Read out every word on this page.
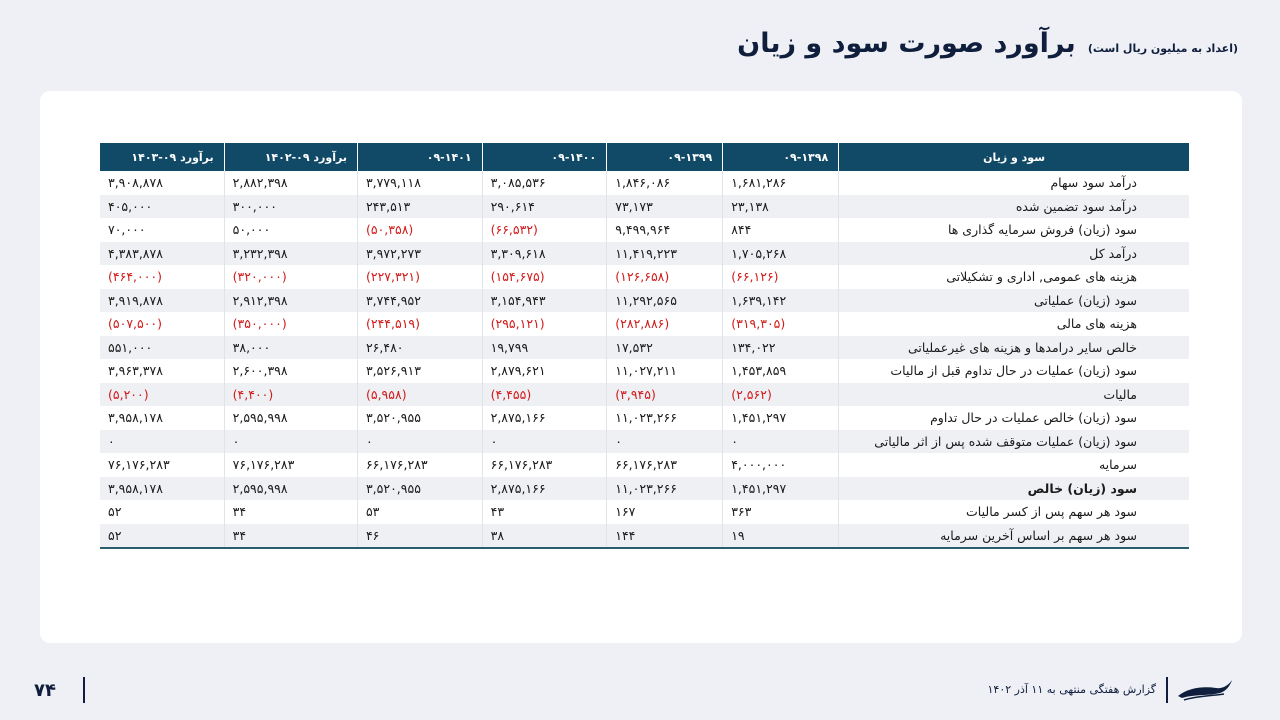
برآورد صورت سود و زیان (اعداد به میلیون ریال است)
سود و زیان	۰۹-۱۳۹۸	۰۹-۱۳۹۹	۰۹-۱۴۰۰	۰۹-۱۴۰۱	برآورد ۰۹-۱۴۰۲	برآورد ۰۹-۱۴۰۳
درآمد سود سهام	۱,۶۸۱,۲۸۶	۱,۸۴۶,۰۸۶	۳,۰۸۵,۵۳۶	۳,۷۷۹,۱۱۸	۲,۸۸۲,۳۹۸	۳,۹۰۸,۸۷۸
درآمد سود تضمین شده	۲۳,۱۳۸	۷۳,۱۷۳	۲۹۰,۶۱۴	۲۴۳,۵۱۳	۳۰۰,۰۰۰	۴۰۵,۰۰۰
سود (زیان) فروش سرمایه گذاری ها	۸۴۴	۹,۴۹۹,۹۶۴	(۶۶,۵۳۲)	(۵۰,۳۵۸)	۵۰,۰۰۰	۷۰,۰۰۰
درآمد کل	۱,۷۰۵,۲۶۸	۱۱,۴۱۹,۲۲۳	۳,۳۰۹,۶۱۸	۳,۹۷۲,۲۷۳	۳,۲۳۲,۳۹۸	۴,۳۸۳,۸۷۸
هزینه های عمومی, اداری و تشکیلاتی	(۶۶,۱۲۶)	(۱۲۶,۶۵۸)	(۱۵۴,۶۷۵)	(۲۲۷,۳۲۱)	(۳۲۰,۰۰۰)	(۴۶۴,۰۰۰)
سود (زیان) عملیاتی	۱,۶۳۹,۱۴۲	۱۱,۲۹۲,۵۶۵	۳,۱۵۴,۹۴۳	۳,۷۴۴,۹۵۲	۲,۹۱۲,۳۹۸	۳,۹۱۹,۸۷۸
هزینه های مالی	(۳۱۹,۳۰۵)	(۲۸۲,۸۸۶)	(۲۹۵,۱۲۱)	(۲۴۴,۵۱۹)	(۳۵۰,۰۰۰)	(۵۰۷,۵۰۰)
خالص سایر درامدها و هزینه های غیرعملیاتی	۱۳۴,۰۲۲	۱۷,۵۳۲	۱۹,۷۹۹	۲۶,۴۸۰	۳۸,۰۰۰	۵۵۱,۰۰۰
سود (زیان) عملیات در حال تداوم قبل از مالیات	۱,۴۵۳,۸۵۹	۱۱,۰۲۷,۲۱۱	۲,۸۷۹,۶۲۱	۳,۵۲۶,۹۱۳	۲,۶۰۰,۳۹۸	۳,۹۶۳,۳۷۸
مالیات	(۲,۵۶۲)	(۳,۹۴۵)	(۴,۴۵۵)	(۵,۹۵۸)	(۴,۴۰۰)	(۵,۲۰۰)
سود (زیان) خالص عملیات در حال تداوم	۱,۴۵۱,۲۹۷	۱۱,۰۲۳,۲۶۶	۲,۸۷۵,۱۶۶	۳,۵۲۰,۹۵۵	۲,۵۹۵,۹۹۸	۳,۹۵۸,۱۷۸
سود (زیان) عملیات متوقف شده پس از اثر مالیاتی	۰	۰	۰	۰	۰	۰
سرمایه	۴,۰۰۰,۰۰۰	۶۶,۱۷۶,۲۸۳	۶۶,۱۷۶,۲۸۳	۶۶,۱۷۶,۲۸۳	۷۶,۱۷۶,۲۸۳	۷۶,۱۷۶,۲۸۳
سود (زیان) خالص	۱,۴۵۱,۲۹۷	۱۱,۰۲۳,۲۶۶	۲,۸۷۵,۱۶۶	۳,۵۲۰,۹۵۵	۲,۵۹۵,۹۹۸	۳,۹۵۸,۱۷۸
سود هر سهم پس از کسر مالیات	۳۶۳	۱۶۷	۴۳	۵۳	۳۴	۵۲
سود هر سهم بر اساس آخرین سرمایه	۱۹	۱۴۴	۳۸	۴۶	۳۴	۵۲
گزارش هفتگی منتهی به ۱۱ آذر ۱۴۰۲
۷۴
